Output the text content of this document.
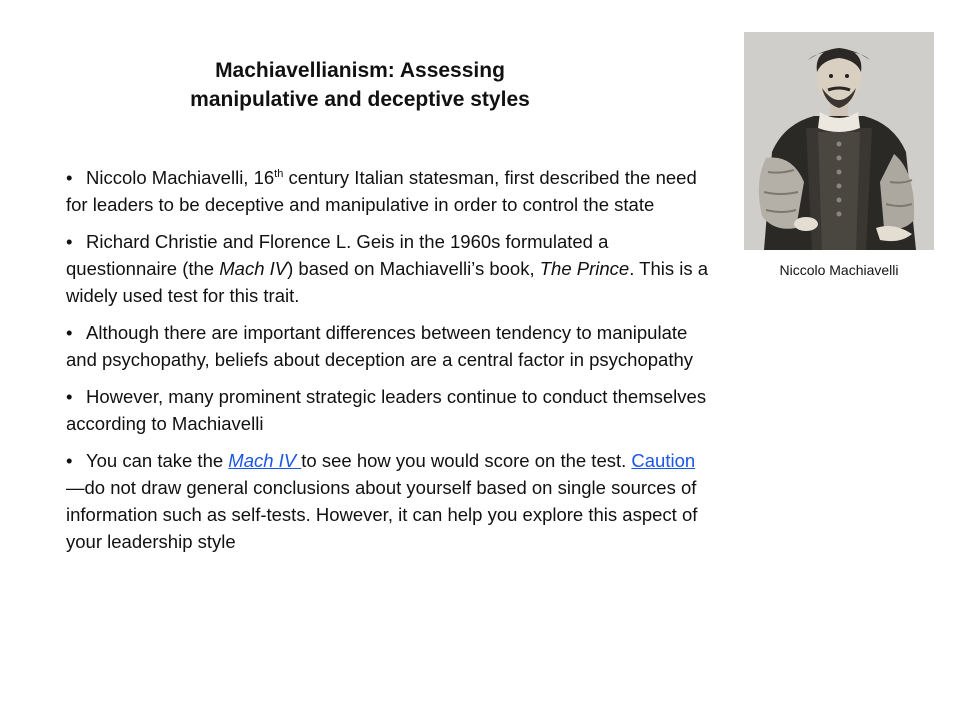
Machiavellianism: Assessing
manipulative and deceptive styles
• Niccolo Machiavelli, 16th century Italian statesman, first described the need for leaders to be deceptive and manipulative in order to control the state
• Richard Christie and Florence L. Geis in the 1960s formulated a questionnaire (the Mach IV) based on Machiavelli’s book, The Prince. This is a widely used test for this trait.
• Although there are important differences between tendency to manipulate and psychopathy, beliefs about deception are a central factor in psychopathy
• However, many prominent strategic leaders continue to conduct themselves according to Machiavelli
• You can take the Mach IV to see how you would score on the test. Caution—do not draw general conclusions about yourself based on single sources of information such as self-tests. However, it can help you explore this aspect of your leadership style
Niccolo Machiavelli
